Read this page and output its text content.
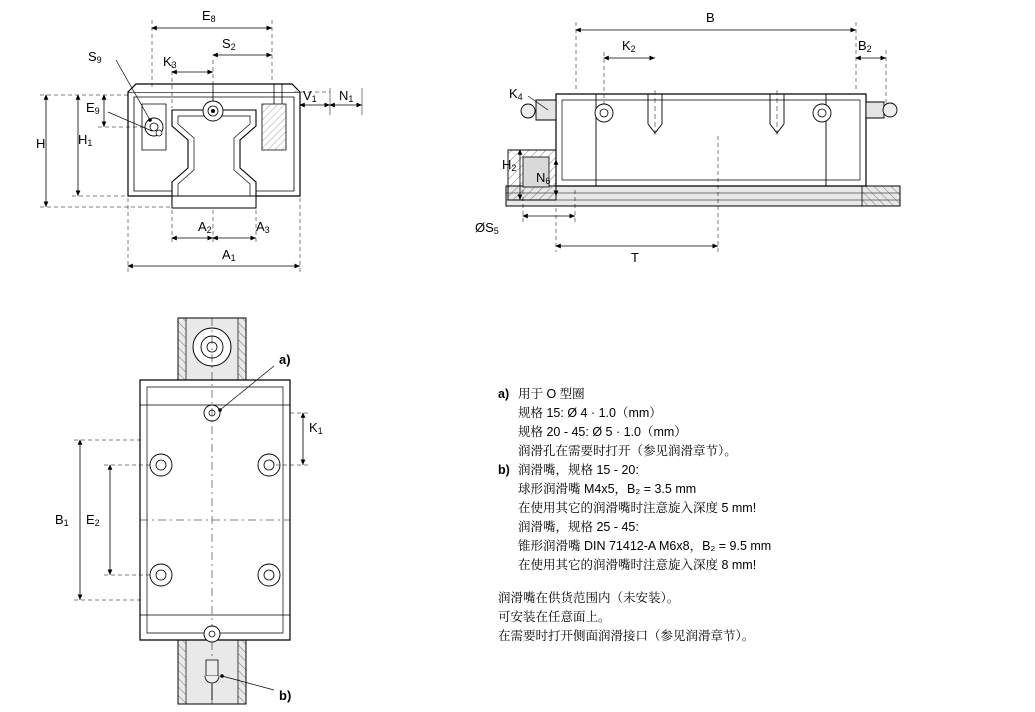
$S_9$	$K_3$
$S_2$
$E_8$
$V_1$ $N_1$
$E_9$
$H_1$
H
$A_2$	$A_3$
$A_1$
B
$K_2$	$B_2$
$K_4$
$H_2$
$N_6$
$ØS_5$
T
a)
$K_1$
$B_1$ $E_2$
b)
a) 用于 O 型圈
规格 15: Ø 4 · 1.0（mm）
规格 20 - 45: Ø 5 · 1.0（mm）
润滑孔在需要时打开（参见润滑章节）。
b) 润滑嘴，规格 15 - 20:
球形润滑嘴 M4x5，B₂ = 3.5 mm
在使用其它的润滑嘴时注意旋入深度 5 mm!
润滑嘴，规格 25 - 45:
锥形润滑嘴 DIN 71412-A M6x8，B₂ = 9.5 mm
在使用其它的润滑嘴时注意旋入深度 8 mm!
润滑嘴在供货范围内（未安装）。
可安装在任意面上。
在需要时打开侧面润滑接口（参见润滑章节）。
